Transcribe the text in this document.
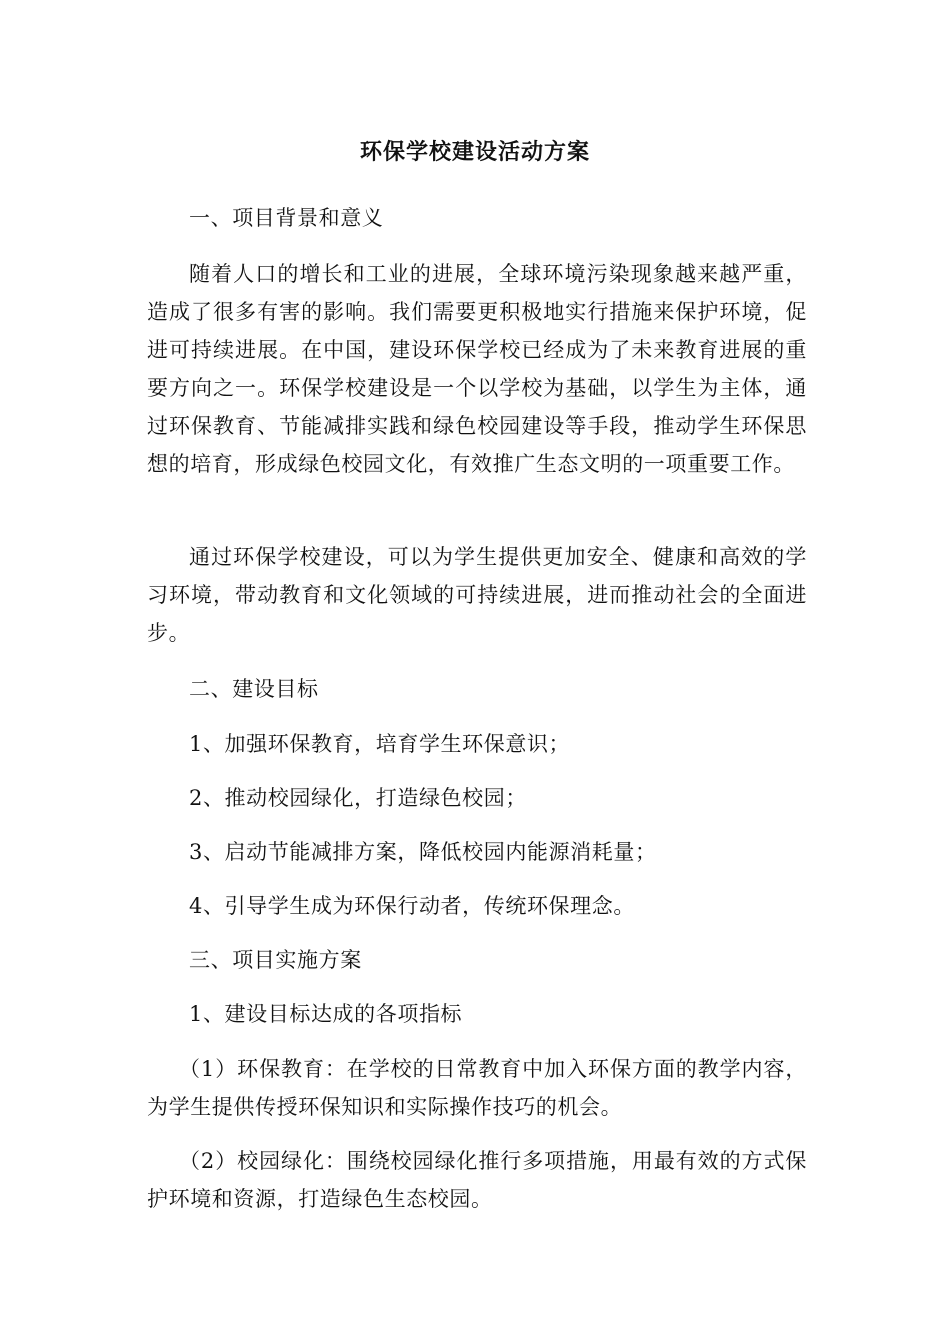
环保学校建设活动方案
一、项目背景和意义
随着人口的增长和工业的进展，全球环境污染现象越来越严重，造成了很多有害的影响。我们需要更积极地实行措施来保护环境，促进可持续进展。在中国，建设环保学校已经成为了未来教育进展的重要方向之一。环保学校建设是一个以学校为基础，以学生为主体，通过环保教育、节能减排实践和绿色校园建设等手段，推动学生环保思想的培育，形成绿色校园文化，有效推广生态文明的一项重要工作。
通过环保学校建设，可以为学生提供更加安全、健康和高效的学习环境，带动教育和文化领域的可持续进展，进而推动社会的全面进步。
二、建设目标
1、加强环保教育，培育学生环保意识；
2、推动校园绿化，打造绿色校园；
3、启动节能减排方案，降低校园内能源消耗量；
4、引导学生成为环保行动者，传统环保理念。
三、项目实施方案
1、建设目标达成的各项指标
（1）环保教育：在学校的日常教育中加入环保方面的教学内容，为学生提供传授环保知识和实际操作技巧的机会。
（2）校园绿化：围绕校园绿化推行多项措施，用最有效的方式保护环境和资源，打造绿色生态校园。
